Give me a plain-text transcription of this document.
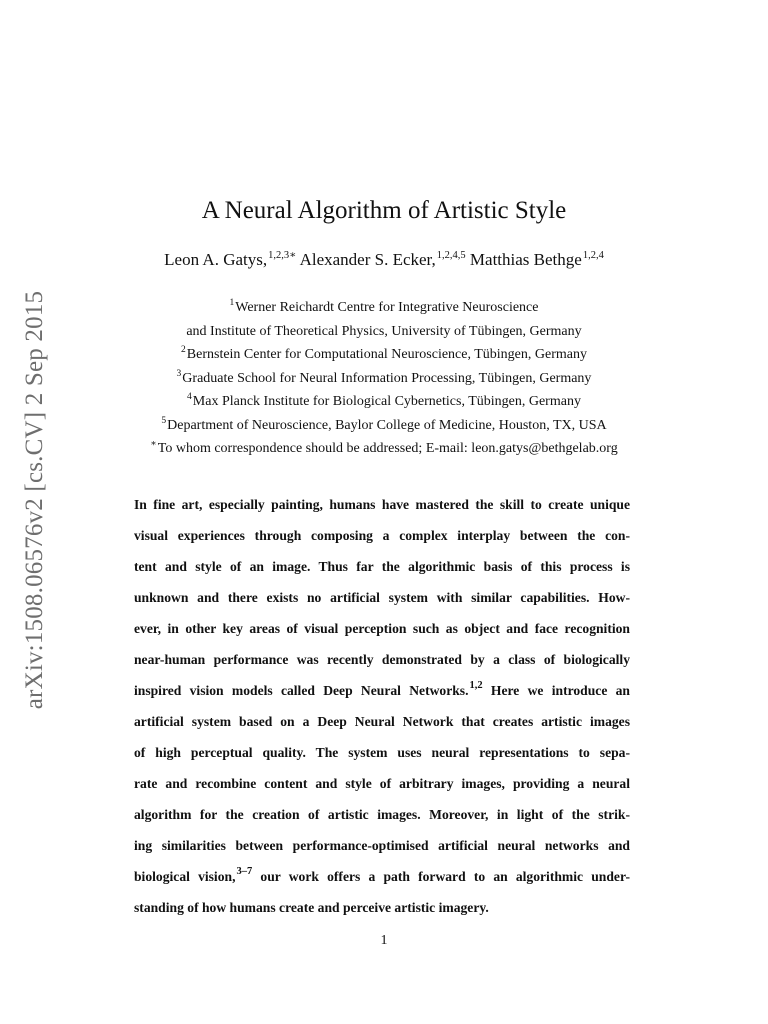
arXiv:1508.06576v2 [cs.CV] 2 Sep 2015
A Neural Algorithm of Artistic Style
Leon A. Gatys,$^{1,2,3∗}$ Alexander S. Ecker,$^{1,2,4,5}$ Matthias Bethge$^{1,2,4}$
$^1$Werner Reichardt Centre for Integrative Neuroscience
and Institute of Theoretical Physics, University of Tübingen, Germany
$^2$Bernstein Center for Computational Neuroscience, Tübingen, Germany
$^3$Graduate School for Neural Information Processing, Tübingen, Germany
$^4$Max Planck Institute for Biological Cybernetics, Tübingen, Germany
$^5$Department of Neuroscience, Baylor College of Medicine, Houston, TX, USA
∗To whom correspondence should be addressed; E-mail: leon.gatys@bethgelab.org
In fine art, especially painting, humans have mastered the skill to create unique
visual experiences through composing a complex interplay between the con-
tent and style of an image. Thus far the algorithmic basis of this process is
unknown and there exists no artificial system with similar capabilities. How-
ever, in other key areas of visual perception such as object and face recognition
near-human performance was recently demonstrated by a class of biologically
inspired vision models called Deep Neural Networks.$^{1,2}$ Here we introduce an
artificial system based on a Deep Neural Network that creates artistic images
of high perceptual quality. The system uses neural representations to sepa-
rate and recombine content and style of arbitrary images, providing a neural
algorithm for the creation of artistic images. Moreover, in light of the strik-
ing similarities between performance-optimised artificial neural networks and
biological vision,$^{3-7}$ our work offers a path forward to an algorithmic under-
standing of how humans create and perceive artistic imagery.
1
